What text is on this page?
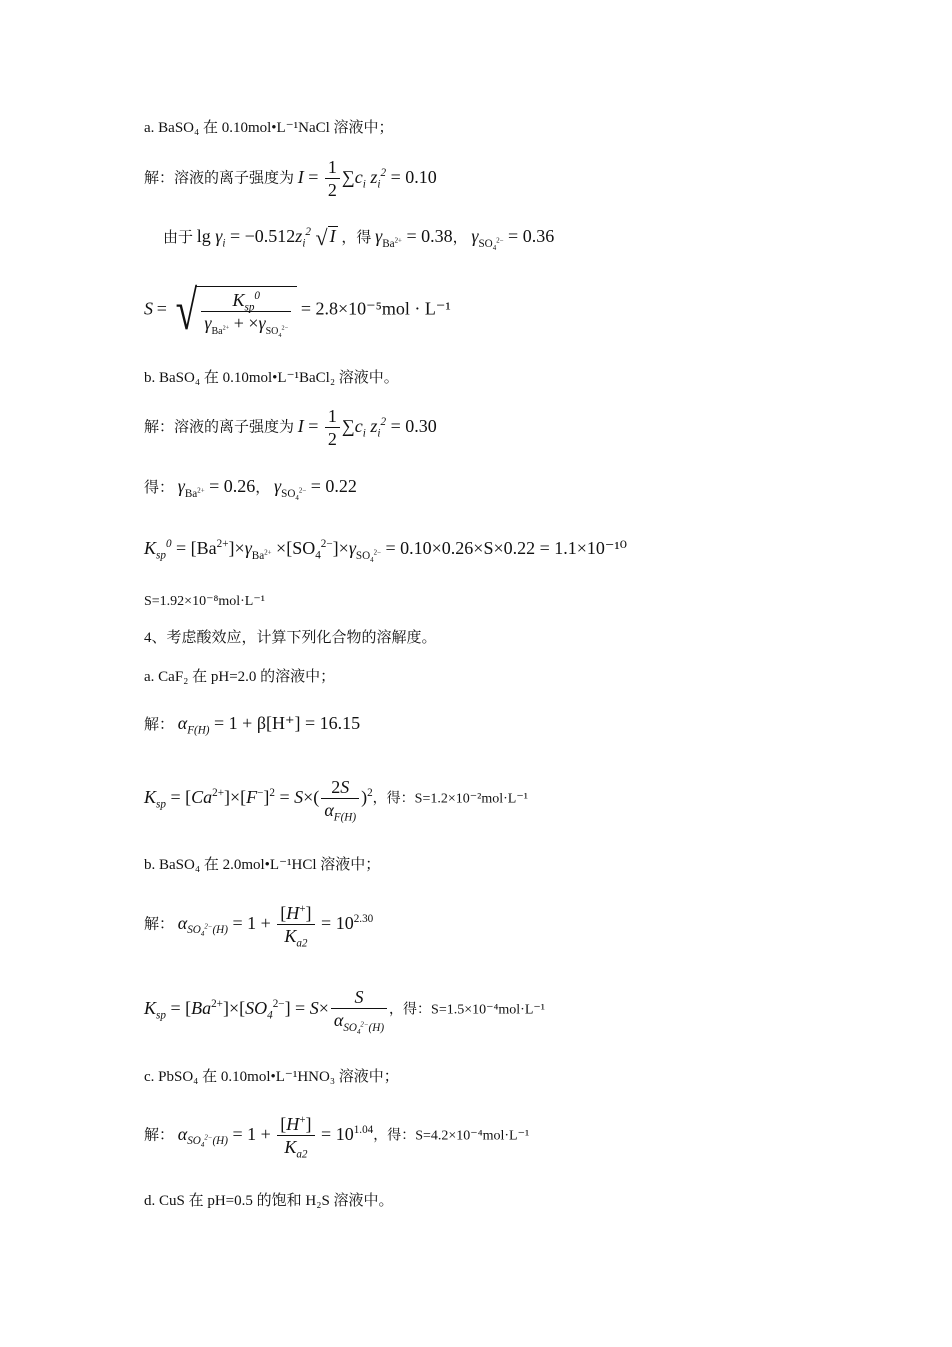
a. BaSO₄ 在 0.10mol•L⁻¹NaCl 溶液中；
解：溶液的离子强度为 $I = \frac{1}{2} \sum c_i$ $z_i^2 = 0.10$
由于 $\lg \gamma_i = -0.512z_i^2$ √ I ，得 $\gamma_{Ba^{2+}} = 0.38$， $\gamma_{SO_4^{2-}} = 0.36$
S = √ $\frac{K_{sp}^0}{\gamma_{Ba^{2+}} + \times\gamma_{SO_4^{2-}}} = 2.8\times 10^{-5}mol \cdot L^{-1}$
b. BaSO₄ 在 0.10mol•L⁻¹BaCl₂ 溶液中。
解：溶液的离子强度为 $I = \frac{1}{2} \sum c_i$ $z_i^2 = 0.30$
得： $\gamma_{Ba^{2+}} = 0.26$， $\gamma_{SO_4^{2-}} = 0.22$
$K_{sp}^0 = [Ba^{2+}]\times\gamma_{Ba^{2+}} \times[SO_4^{2-}]\times\gamma_{SO_4^{2-}} = 0.10\times 0.26\times S\times 0.22 = 1.1\times 10^{-10}$
S=1.92×10⁻⁸mol·L⁻¹
4、考虑酸效应，计算下列化合物的溶解度。
a. CaF₂ 在 pH=2.0 的溶液中；
解： $\alpha_{F(H)} = 1 + \beta[H^+] = 16.15$
$K_{sp} = [Ca^{2+}]\times[F^-]^2 = S\times( \frac{2S}{\alpha_{F(H)}} )^2$，得：S=1.2×10⁻²mol·L⁻¹
b. BaSO₄ 在 2.0mol•L⁻¹HCl 溶液中；
解： $\alpha_{SO_4^{2-}(H)} = 1 + \frac{[H^+]}{K_{a2}} = 10^{2.30}$
$K_{sp} = [Ba^{2+}]\times[SO_4^{2-}] = S\times \frac{S}{\alpha_{SO_4^{2-}(H)}}$ ，得：S=1.5×10⁻⁴mol·L⁻¹
c. PbSO₄ 在 0.10mol•L⁻¹HNO₃ 溶液中；
解： $\alpha_{SO_4^{2-}(H)} = 1 + \frac{[H^+]}{K_{a2}} = 10^{1.04}$，得：S=4.2×10⁻⁴mol·L⁻¹
d. CuS 在 pH=0.5 的饱和 H₂S 溶液中。
